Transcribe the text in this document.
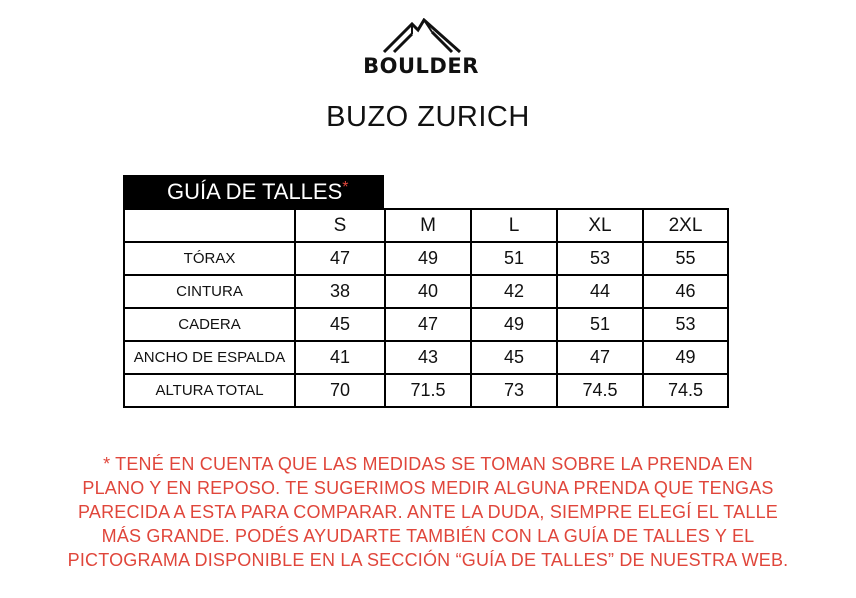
BOULDER
BUZO ZURICH
GUÍA DE TALLES*
	S	M	L	XL	2XL
TÓRAX	47	49	51	53	55
CINTURA	38	40	42	44	46
CADERA	45	47	49	51	53
ANCHO DE ESPALDA	41	43	45	47	49
ALTURA TOTAL	70	71.5	73	74.5	74.5
* TENÉ EN CUENTA QUE LAS MEDIDAS SE TOMAN SOBRE LA PRENDA EN
PLANO Y EN REPOSO. TE SUGERIMOS MEDIR ALGUNA PRENDA QUE TENGAS
PARECIDA A ESTA PARA COMPARAR. ANTE LA DUDA, SIEMPRE ELEGÍ EL TALLE
MÁS GRANDE. PODÉS AYUDARTE TAMBIÉN CON LA GUÍA DE TALLES Y EL
PICTOGRAMA DISPONIBLE EN LA SECCIÓN “GUÍA DE TALLES” DE NUESTRA WEB.
